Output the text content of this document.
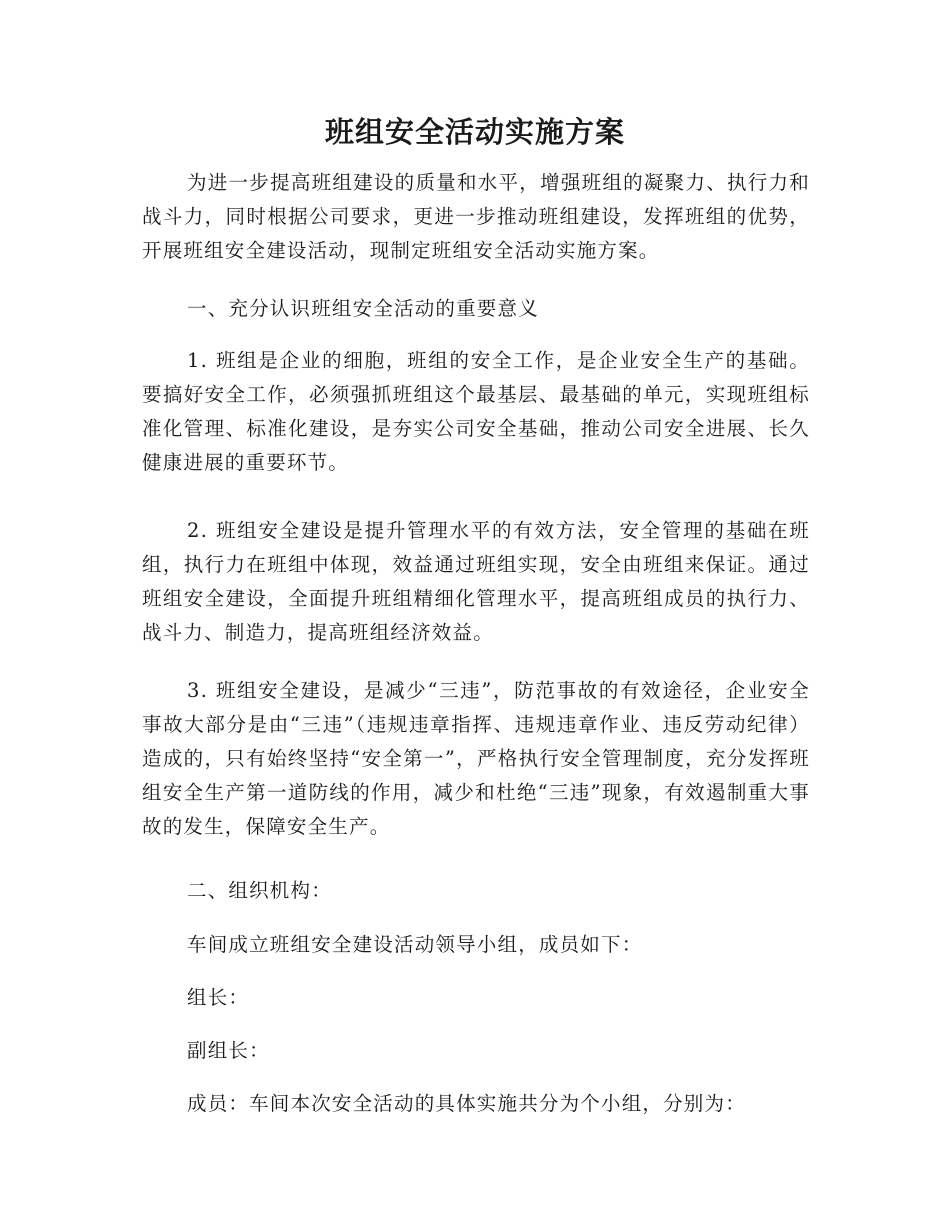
班组安全活动实施方案

为进一步提高班组建设的质量和水平，增强班组的凝聚力、执行力和战斗力，同时根据公司要求，更进一步推动班组建设，发挥班组的优势，开展班组安全建设活动，现制定班组安全活动实施方案。

一、充分认识班组安全活动的重要意义

1. 班组是企业的细胞，班组的安全工作，是企业安全生产的基础。要搞好安全工作，必须强抓班组这个最基层、最基础的单元，实现班组标准化管理、标准化建设，是夯实公司安全基础，推动公司安全进展、长久健康进展的重要环节。

2. 班组安全建设是提升管理水平的有效方法，安全管理的基础在班组，执行力在班组中体现，效益通过班组实现，安全由班组来保证。通过班组安全建设，全面提升班组精细化管理水平，提高班组成员的执行力、战斗力、制造力，提高班组经济效益。

3. 班组安全建设，是减少“三违”，防范事故的有效途径，企业安全事故大部分是由“三违”（违规违章指挥、违规违章作业、违反劳动纪律）造成的，只有始终坚持“安全第一”，严格执行安全管理制度，充分发挥班组安全生产第一道防线的作用，减少和杜绝“三违”现象，有效遏制重大事故的发生，保障安全生产。

二、组织机构：

车间成立班组安全建设活动领导小组，成员如下：

组长：

副组长：

成员：车间本次安全活动的具体实施共分为个小组，分别为：
